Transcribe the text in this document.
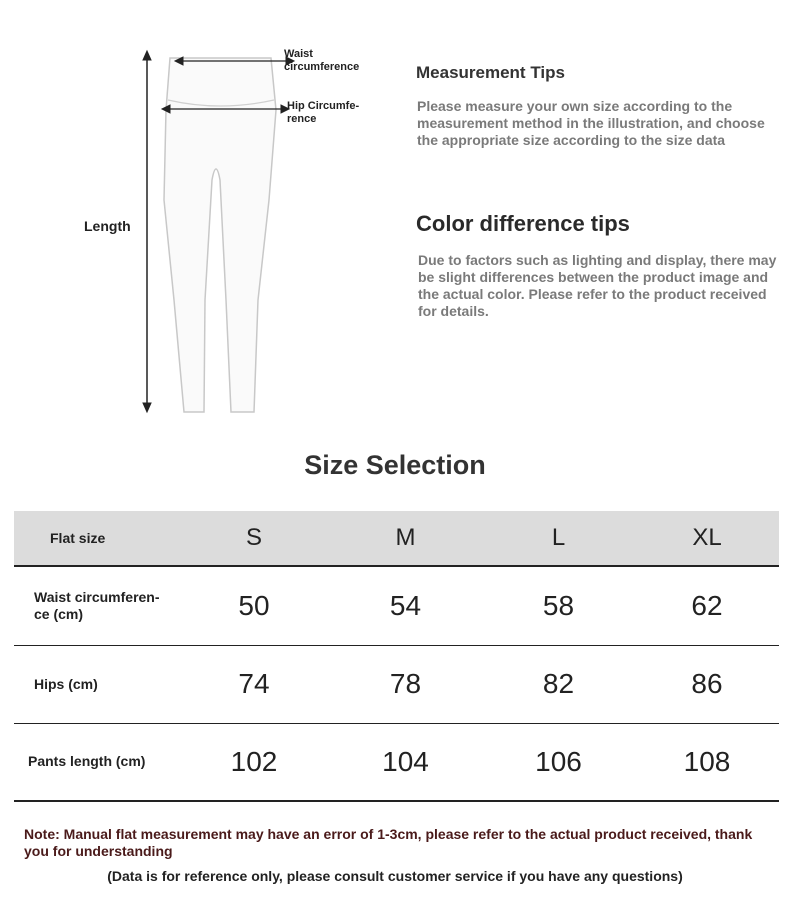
Waist
circumference
Hip Circumfe-
rence
Length
Measurement Tips
Please measure your own size according to the measurement method in the illustration, and choose the appropriate size according to the size data
Color difference tips
Due to factors such as lighting and display, there may be slight differences between the product image and the actual color. Please refer to the product received for details.
Size Selection
Flat size	S	M	L	XL
Waist circumferen-
ce (cm)	50	54	58	62
Hips (cm)	74	78	82	86
Pants length (cm)	102	104	106	108
Note: Manual flat measurement may have an error of 1-3cm, please refer to the actual product received, thank you for understanding
(Data is for reference only, please consult customer service if you have any questions)
